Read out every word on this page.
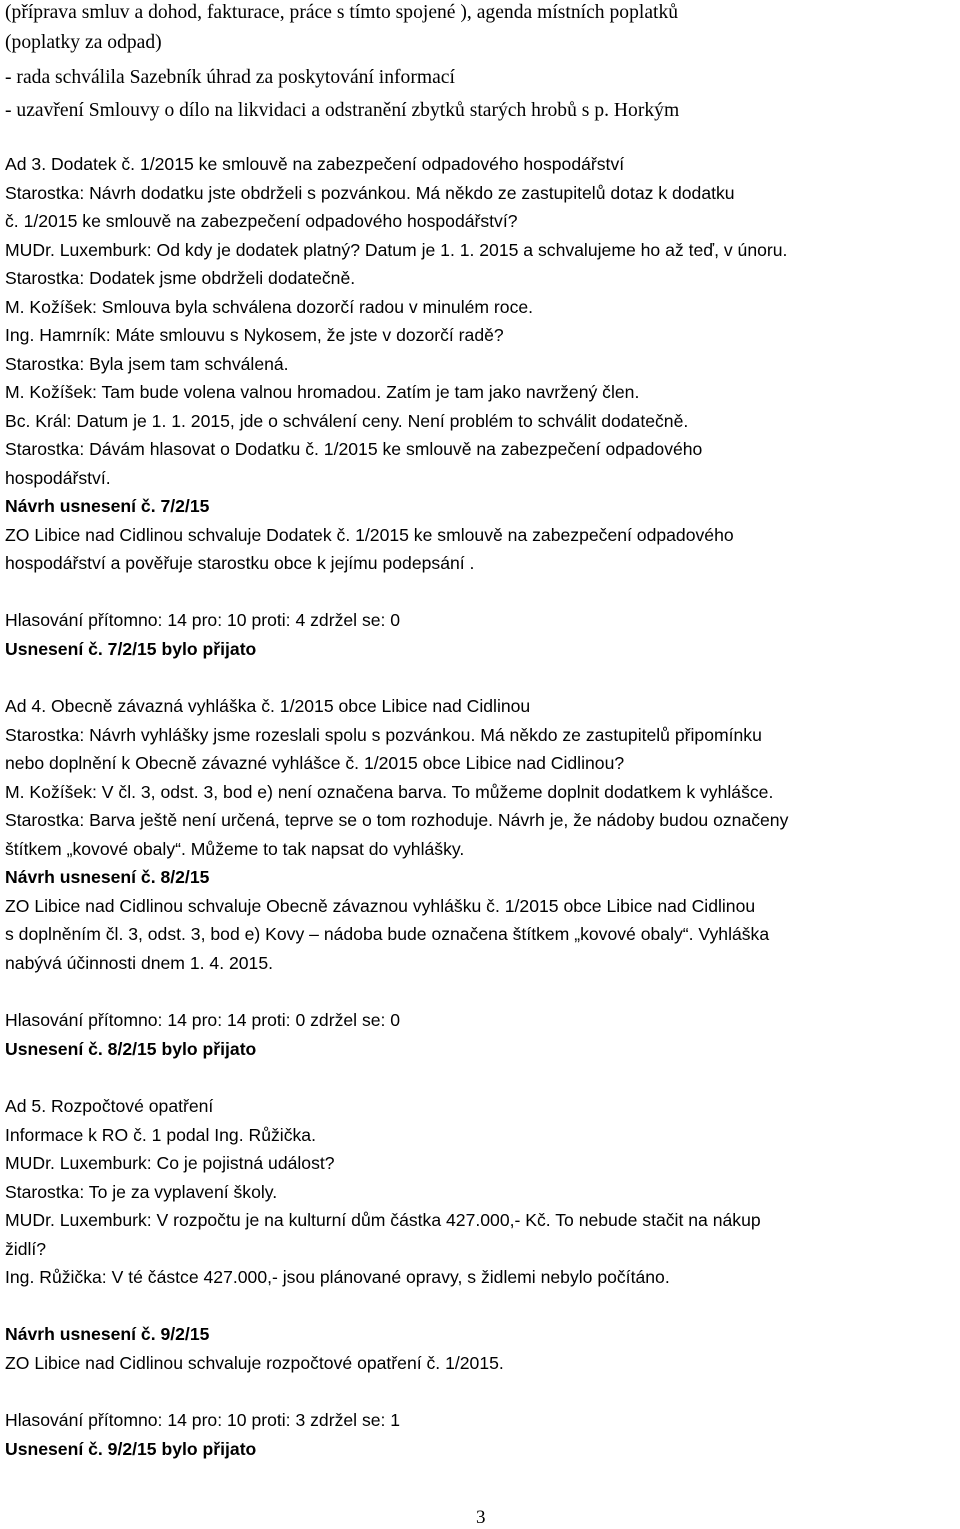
(příprava smluv a dohod, fakturace, práce s tímto spojené ), agenda místních poplatků
(poplatky za odpad)
- rada schválila Sazebník úhrad za poskytování informací
- uzavření Smlouvy o dílo na likvidaci a odstranění zbytků starých hrobů s p. Horkým
Ad 3. Dodatek č. 1/2015 ke smlouvě na zabezpečení odpadového hospodářství
Starostka: Návrh dodatku jste obdrželi s pozvánkou. Má někdo ze zastupitelů dotaz k dodatku
č. 1/2015 ke smlouvě na zabezpečení odpadového hospodářství?
MUDr. Luxemburk: Od kdy je dodatek platný? Datum je 1. 1. 2015 a schvalujeme ho až teď, v únoru.
Starostka: Dodatek jsme obdrželi dodatečně.
M. Kožíšek: Smlouva byla schválena dozorčí radou v minulém roce.
Ing. Hamrník: Máte smlouvu s Nykosem, že jste v dozorčí radě?
Starostka: Byla jsem tam schválená.
M. Kožíšek: Tam bude volena valnou hromadou. Zatím je tam jako navržený člen.
Bc. Král: Datum je 1. 1. 2015, jde o schválení ceny. Není problém to schválit dodatečně.
Starostka: Dávám hlasovat o Dodatku č. 1/2015 ke smlouvě na zabezpečení odpadového
hospodářství.
Návrh usnesení č. 7/2/15
ZO Libice nad Cidlinou schvaluje Dodatek č. 1/2015 ke smlouvě na zabezpečení odpadového
hospodářství a pověřuje starostku obce k jejímu podepsání .
Hlasování přítomno: 14 pro: 10 proti: 4 zdržel se: 0
Usnesení č. 7/2/15 bylo přijato
Ad 4. Obecně závazná vyhláška č. 1/2015 obce Libice nad Cidlinou
Starostka: Návrh vyhlášky jsme rozeslali spolu s pozvánkou. Má někdo ze zastupitelů připomínku
nebo doplnění k Obecně závazné vyhlášce č. 1/2015 obce Libice nad Cidlinou?
M. Kožíšek: V čl. 3, odst. 3, bod e) není označena barva. To můžeme doplnit dodatkem k vyhlášce.
Starostka: Barva ještě není určená, teprve se o tom rozhoduje. Návrh je, že nádoby budou označeny
štítkem „kovové obaly“. Můžeme to tak napsat do vyhlášky.
Návrh usnesení č. 8/2/15
ZO Libice nad Cidlinou schvaluje Obecně závaznou vyhlášku č. 1/2015 obce Libice nad Cidlinou
s doplněním čl. 3, odst. 3, bod e) Kovy – nádoba bude označena štítkem „kovové obaly“. Vyhláška
nabývá účinnosti dnem 1. 4. 2015.
Hlasování přítomno: 14 pro: 14 proti: 0 zdržel se: 0
Usnesení č. 8/2/15 bylo přijato
Ad 5. Rozpočtové opatření
Informace k RO č. 1 podal Ing. Růžička.
MUDr. Luxemburk: Co je pojistná událost?
Starostka: To je za vyplavení školy.
MUDr. Luxemburk: V rozpočtu je na kulturní dům částka 427.000,- Kč. To nebude stačit na nákup
židlí?
Ing. Růžička: V té částce 427.000,- jsou plánované opravy, s židlemi nebylo počítáno.
Návrh usnesení č. 9/2/15
ZO Libice nad Cidlinou schvaluje rozpočtové opatření č. 1/2015.
Hlasování přítomno: 14 pro: 10 proti: 3 zdržel se: 1
Usnesení č. 9/2/15 bylo přijato
3
